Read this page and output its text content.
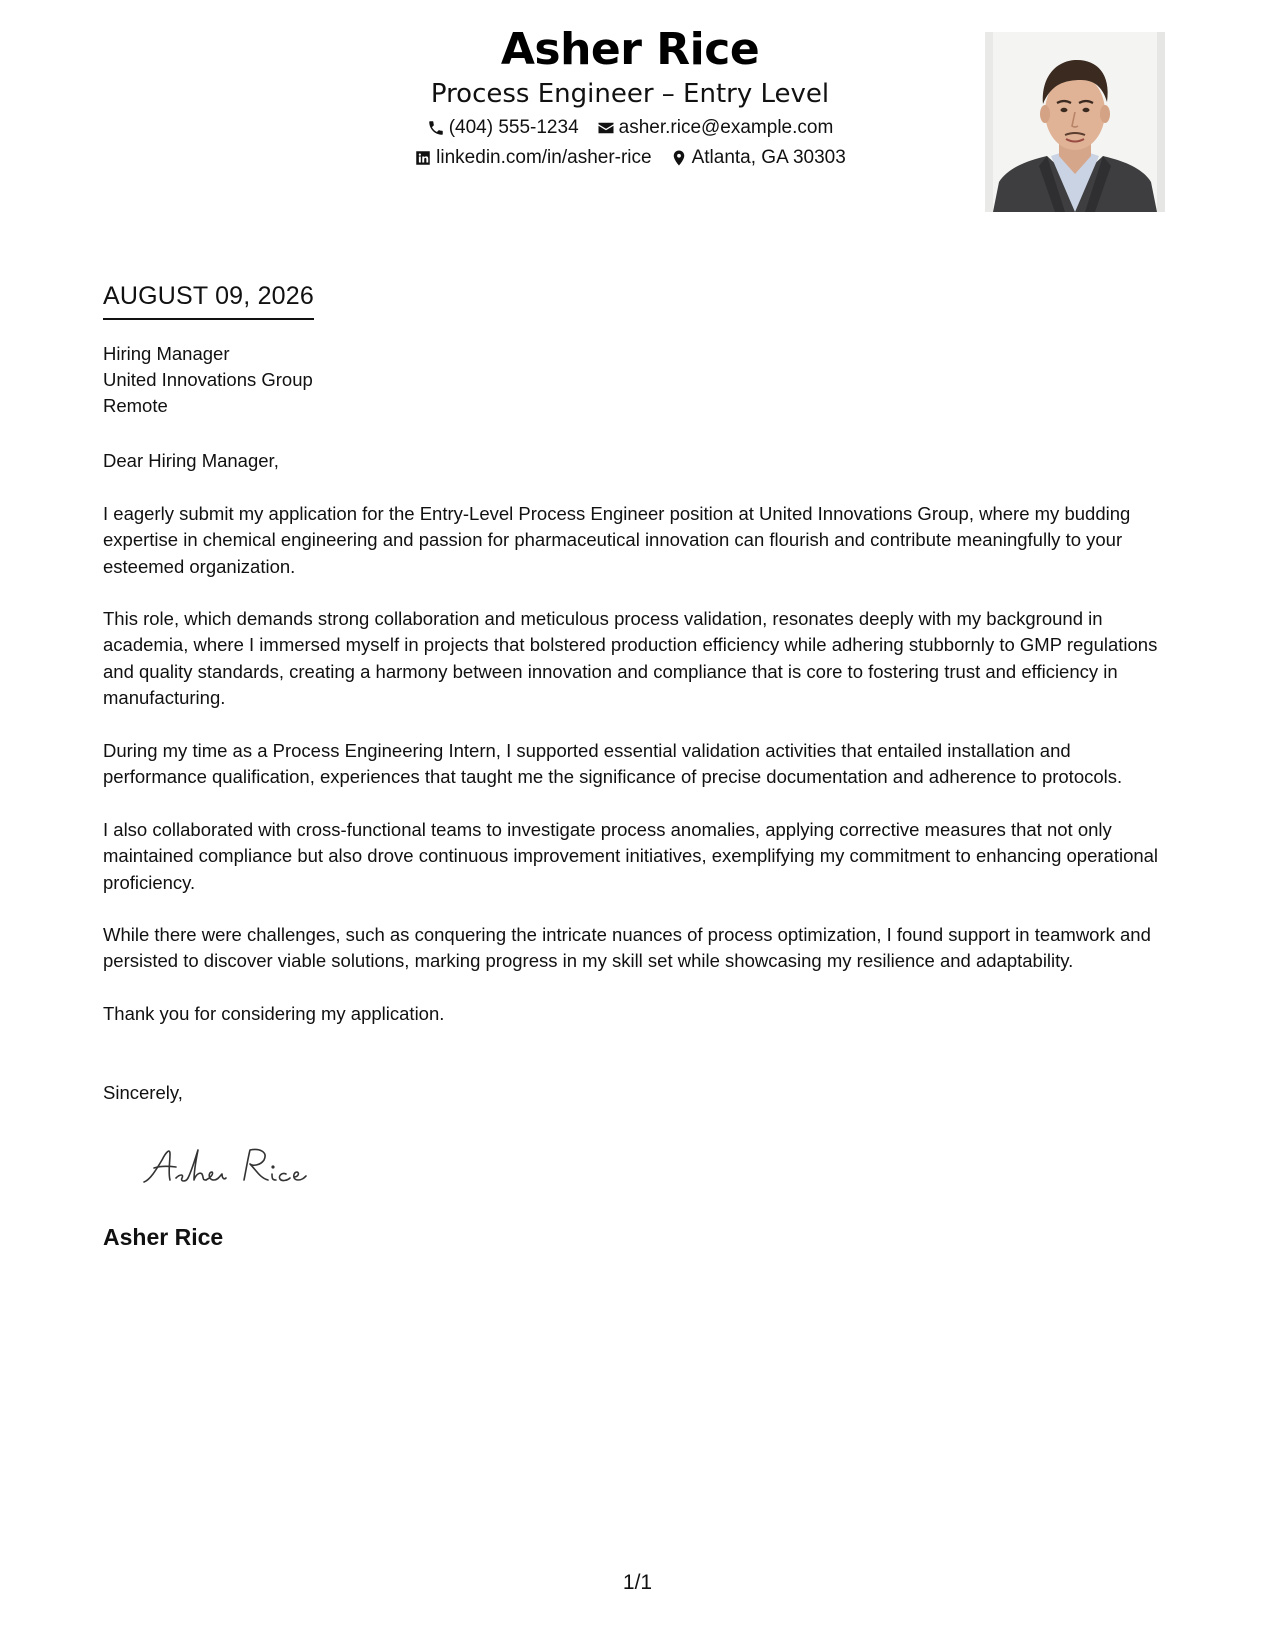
Asher Rice
Process Engineer – Entry Level
(404) 555-1234 asher.rice@example.com
linkedin.com/in/asher-rice Atlanta, GA 30303
AUGUST 09, 2026
Hiring Manager
United Innovations Group
Remote
Dear Hiring Manager,
I eagerly submit my application for the Entry-Level Process Engineer position at United Innovations Group, where my budding expertise in chemical engineering and passion for pharmaceutical innovation can flourish and contribute meaningfully to your esteemed organization.
This role, which demands strong collaboration and meticulous process validation, resonates deeply with my background in academia, where I immersed myself in projects that bolstered production efficiency while adhering stubbornly to GMP regulations and quality standards, creating a harmony between innovation and compliance that is core to fostering trust and efficiency in manufacturing.
During my time as a Process Engineering Intern, I supported essential validation activities that entailed installation and performance qualification, experiences that taught me the significance of precise documentation and adherence to protocols.
I also collaborated with cross-functional teams to investigate process anomalies, applying corrective measures that not only maintained compliance but also drove continuous improvement initiatives, exemplifying my commitment to enhancing operational proficiency.
While there were challenges, such as conquering the intricate nuances of process optimization, I found support in teamwork and persisted to discover viable solutions, marking progress in my skill set while showcasing my resilience and adaptability.
Thank you for considering my application.
Sincerely,
Asher Rice
1/1
